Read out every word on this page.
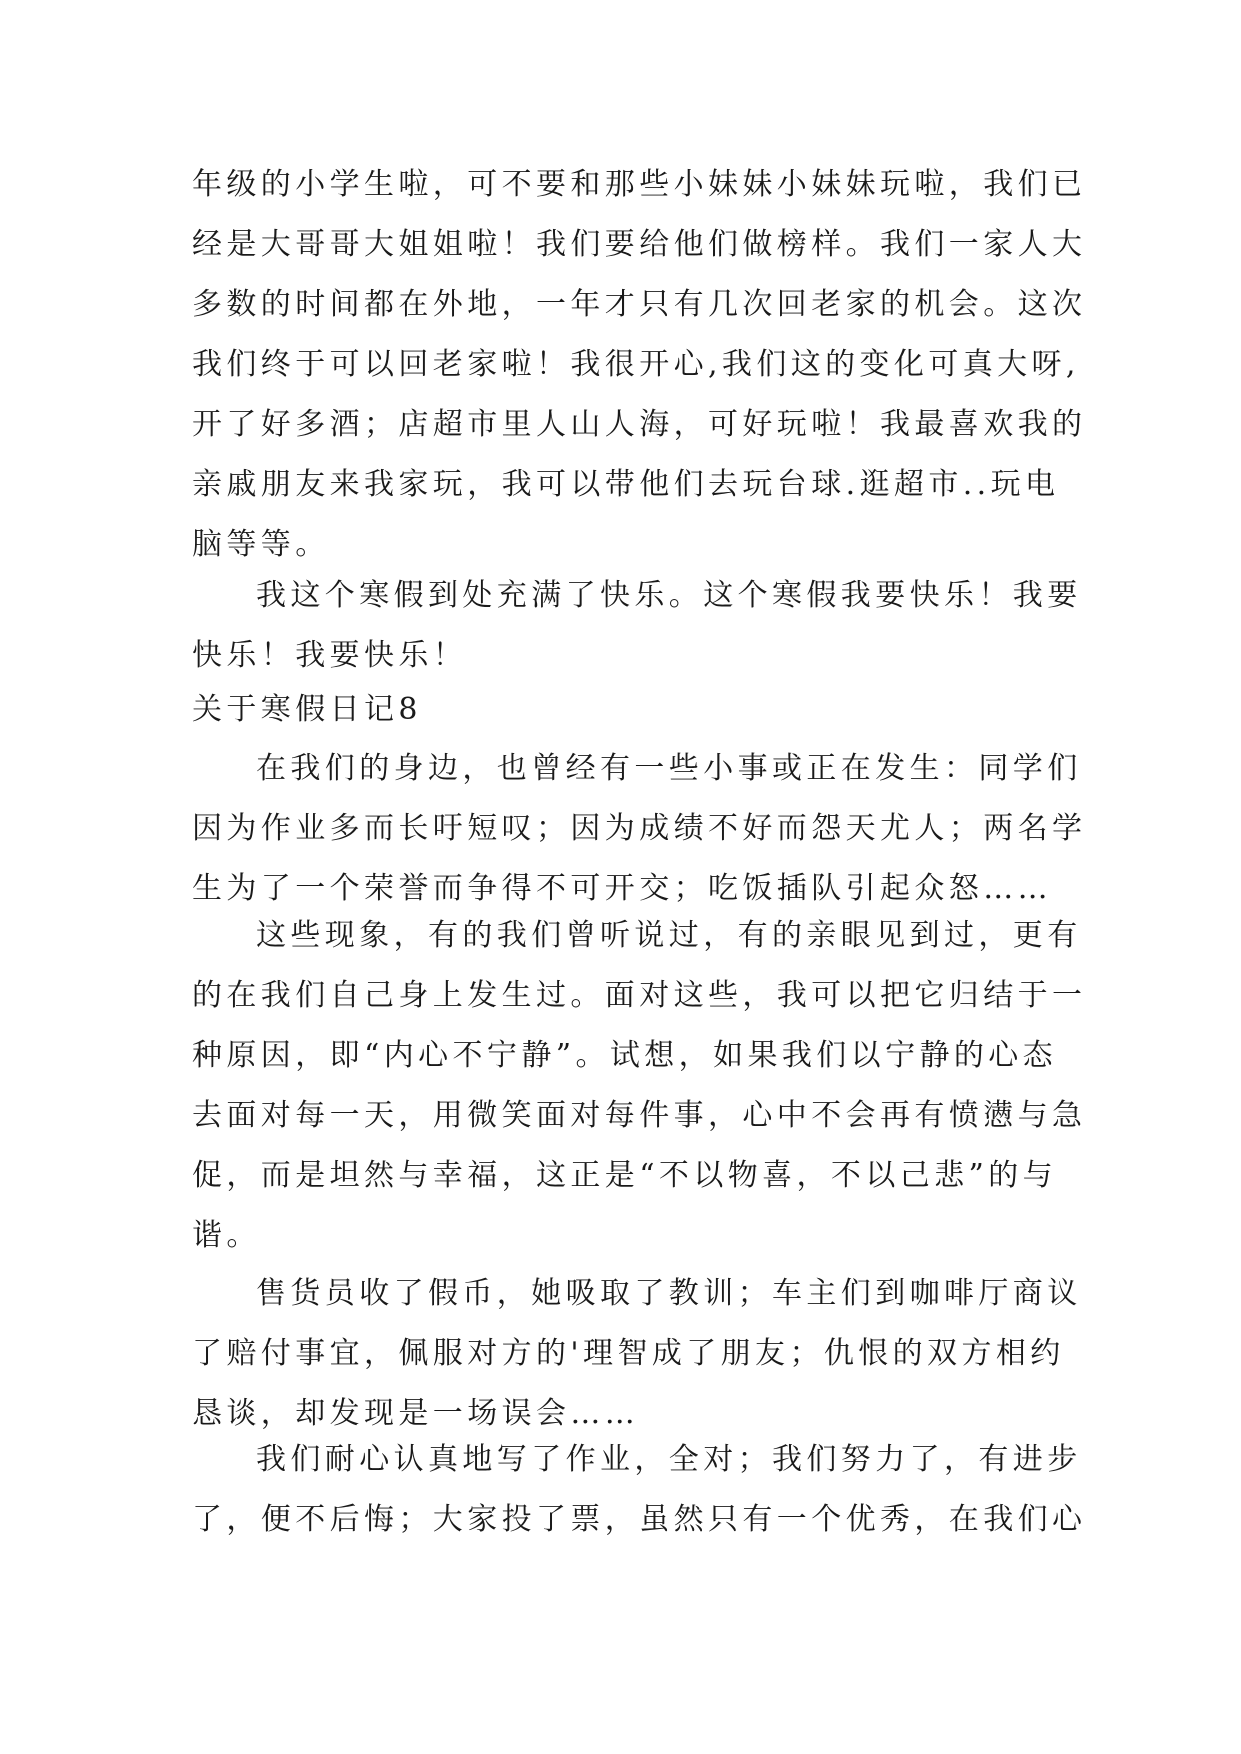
年级的小学生啦，可不要和那些小妹妹小妹妹玩啦，我们已
经是大哥哥大姐姐啦！我们要给他们做榜样。我们一家人大
多数的时间都在外地，一年才只有几次回老家的机会。这次
我们终于可以回老家啦！我很开心,我们这的变化可真大呀,
开了好多酒；店超市里人山人海，可好玩啦！我最喜欢我的
亲戚朋友来我家玩，我可以带他们去玩台球.逛超市..玩电
脑等等。
我这个寒假到处充满了快乐。这个寒假我要快乐！我要
快乐！我要快乐！
关于寒假日记8
在我们的身边，也曾经有一些小事或正在发生：同学们
因为作业多而长吁短叹；因为成绩不好而怨天尤人；两名学
生为了一个荣誉而争得不可开交；吃饭插队引起众怒……
这些现象，有的我们曾听说过，有的亲眼见到过，更有
的在我们自己身上发生过。面对这些，我可以把它归结于一
种原因，即“内心不宁静”。试想，如果我们以宁静的心态
去面对每一天，用微笑面对每件事，心中不会再有愤懑与急
促，而是坦然与幸福，这正是“不以物喜，不以己悲”的与
谐。
售货员收了假币，她吸取了教训；车主们到咖啡厅商议
了赔付事宜，佩服对方的'理智成了朋友；仇恨的双方相约
恳谈，却发现是一场误会……
我们耐心认真地写了作业，全对；我们努力了，有进步
了，便不后悔；大家投了票，虽然只有一个优秀，在我们心
